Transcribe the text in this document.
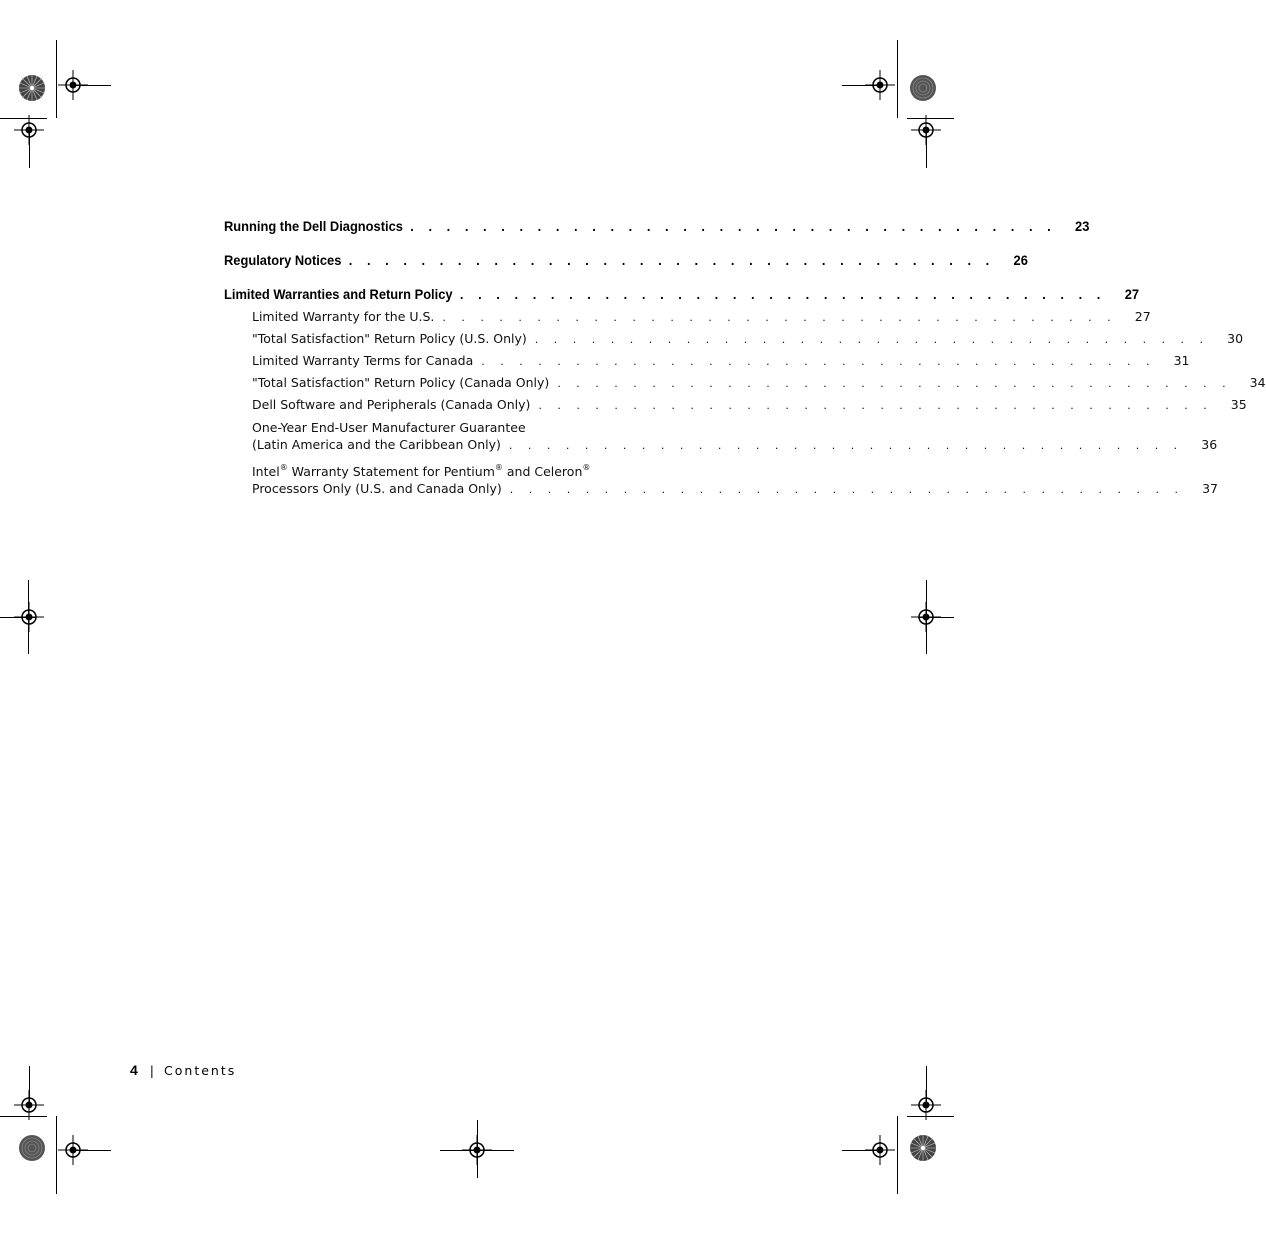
Running the Dell Diagnostics . . . . . . . . . . . . . . . . . . . . . . . . . . . . . . . . . . . .	23
Regulatory Notices . . . . . . . . . . . . . . . . . . . . . . . . . . . . . . . . . . . .	26
Limited Warranties and Return Policy . . . . . . . . . . . . . . . . . . . . . . . . . . . . . . . . . . . .	27
Limited Warranty for the U.S. . . . . . . . . . . . . . . . . . . . . . . . . . . . . . . . . . . . .	27
"Total Satisfaction" Return Policy (U.S. Only) . . . . . . . . . . . . . . . . . . . . . . . . . . . . . . . . . . . .	30
Limited Warranty Terms for Canada . . . . . . . . . . . . . . . . . . . . . . . . . . . . . . . . . . . .	31
"Total Satisfaction" Return Policy (Canada Only) . . . . . . . . . . . . . . . . . . . . . . . . . . . . . . . . . . . .	34
Dell Software and Peripherals (Canada Only) . . . . . . . . . . . . . . . . . . . . . . . . . . . . . . . . . . . .	35
One-Year End-User Manufacturer Guarantee
(Latin America and the Caribbean Only) . . . . . . . . . . . . . . . . . . . . . . . . . . . . . . . . . . . .	36
Intel® Warranty Statement for Pentium® and Celeron®
Processors Only (U.S. and Canada Only) . . . . . . . . . . . . . . . . . . . . . . . . . . . . . . . . . . . .	37
4 | Contents
